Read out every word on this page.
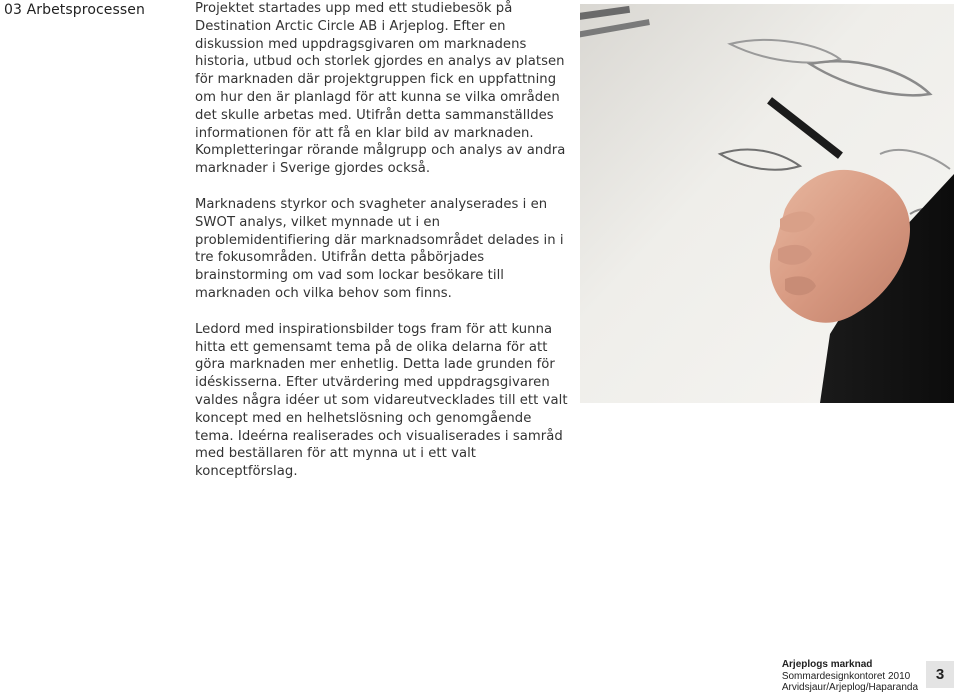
03 Arbetsprocessen	Projektet startades upp med ett studiebesök på Destination Arctic Circle AB i Arjeplog. Efter en diskussion med uppdragsgivaren om marknadens historia, utbud och storlek gjordes en analys av platsen för marknaden där projektgruppen fick en uppfattning om hur den är planlagd för att kunna se vilka områden det skulle arbetas med. Utifrån detta sammanställdes informationen för att få en klar bild av marknaden. Kompletteringar rörande målgrupp och analys av andra marknader i Sverige gjordes också.

Marknadens styrkor och svagheter analyserades i en SWOT analys, vilket mynnade ut i en problemidentifiering där marknadsområdet delades in i tre fokusområden. Utifrån detta påbörjades brainstorming om vad som lockar besökare till marknaden och vilka behov som finns.

Ledord med inspirationsbilder togs fram för att kunna hitta ett gemensamt tema på de olika delarna för att göra marknaden mer enhetlig. Detta lade grunden för idéskisserna. Efter utvärdering med uppdragsgivaren valdes några idéer ut som vidareutvecklades till ett valt koncept med en helhetslösning och genomgående tema. Ideérna realiserades och visualiserades i samråd med beställaren för att mynna ut i ett valt konceptförslag.

Arjeplogs marknad
Sommardesignkontoret 2010
Arvidsjaur/Arjeplog/Haparanda
3
